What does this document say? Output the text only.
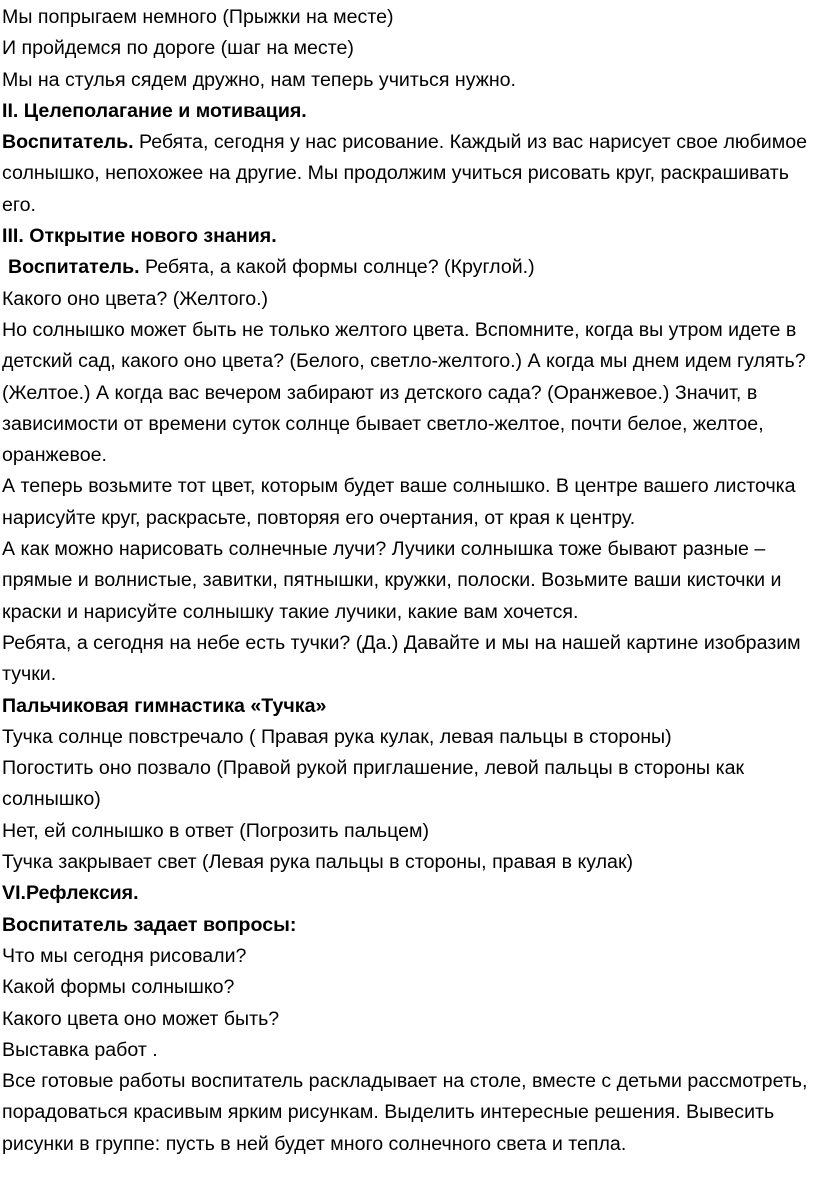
Мы попрыгаем немного (Прыжки на месте)

И пройдемся по дороге (шаг на месте)

Мы на стулья сядем дружно, нам теперь учиться нужно.

II. Целеполагание и мотивация.

Воспитатель. Ребята, сегодня у нас рисование. Каждый из вас нарисует свое любимое солнышко, непохожее на другие. Мы продолжим учиться рисовать круг, раскрашивать его.

III. Открытие нового знания.

Воспитатель. Ребята, а какой формы солнце? (Круглой.)

Какого оно цвета? (Желтого.)

Но солнышко может быть не только желтого цвета. Вспомните, когда вы утром идете в детский сад, какого оно цвета? (Белого, светло-желтого.) А когда мы днем идем гулять? (Желтое.) А когда вас вечером забирают из детского сада? (Оранжевое.) Значит, в зависимости от времени суток солнце бывает светло-желтое, почти белое, желтое, оранжевое.

А теперь возьмите тот цвет, которым будет ваше солнышко. В центре вашего листочка нарисуйте круг, раскрасьте, повторяя его очертания, от края к центру.

А как можно нарисовать солнечные лучи? Лучики солнышка тоже бывают разные – прямые и волнистые, завитки, пятнышки, кружки, полоски. Возьмите ваши кисточки и краски и нарисуйте солнышку такие лучики, какие вам хочется.

Ребята, а сегодня на небе есть тучки? (Да.) Давайте и мы на нашей картине изобразим тучки.

Пальчиковая гимнастика «Тучка»

Тучка солнце повстречало ( Правая рука кулак, левая пальцы в стороны)

Погостить оно позвало (Правой рукой приглашение, левой пальцы в стороны как солнышко)

Нет, ей солнышко в ответ (Погрозить пальцем)

Тучка закрывает свет (Левая рука пальцы в стороны, правая в кулак)

VI.Рефлексия.

Воспитатель задает вопросы:

Что мы сегодня рисовали?

Какой формы солнышко?

Какого цвета оно может быть?

Выставка работ .

Все готовые работы воспитатель раскладывает на столе, вместе с детьми рассмотреть, порадоваться красивым ярким рисункам. Выделить интересные решения. Вывесить рисунки в группе: пусть в ней будет много солнечного света и тепла.
